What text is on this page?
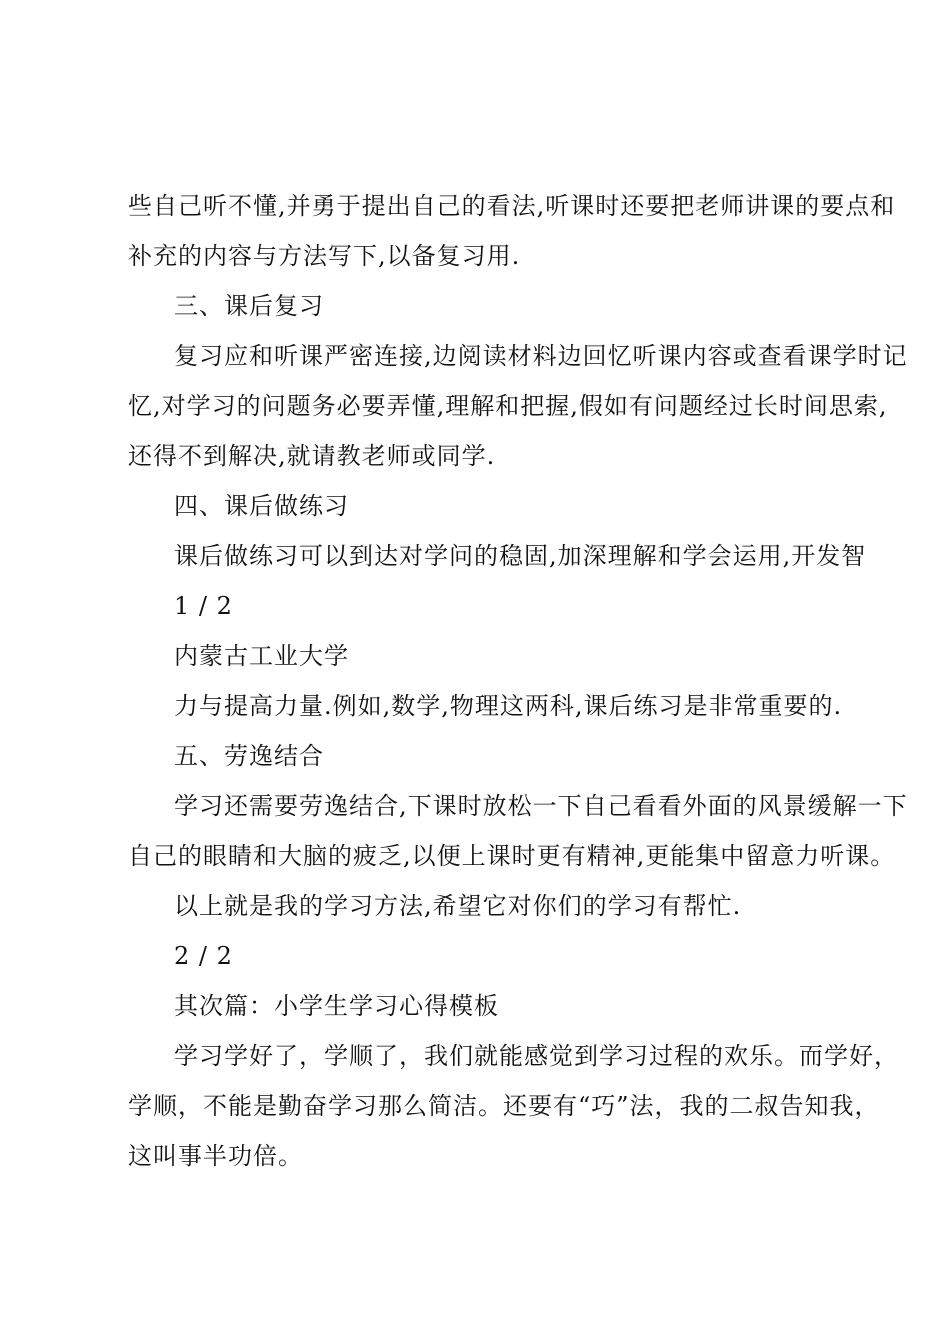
些自己听不懂,并勇于提出自己的看法,听课时还要把老师讲课的要点和
补充的内容与方法写下,以备复习用.
三、课后复习
复习应和听课严密连接,边阅读材料边回忆听课内容或查看课学时记
忆,对学习的问题务必要弄懂,理解和把握,假如有问题经过长时间思索,
还得不到解决,就请教老师或同学.
四、课后做练习
课后做练习可以到达对学问的稳固,加深理解和学会运用,开发智
1 / 2
内蒙古工业大学
力与提高力量.例如,数学,物理这两科,课后练习是非常重要的.
五、劳逸结合
学习还需要劳逸结合,下课时放松一下自己看看外面的风景缓解一下
自己的眼睛和大脑的疲乏,以便上课时更有精神,更能集中留意力听课。
以上就是我的学习方法,希望它对你们的学习有帮忙.
2 / 2
其次篇：小学生学习心得模板
学习学好了，学顺了，我们就能感觉到学习过程的欢乐。而学好，
学顺，不能是勤奋学习那么简洁。还要有“巧”法，我的二叔告知我，
这叫事半功倍。
